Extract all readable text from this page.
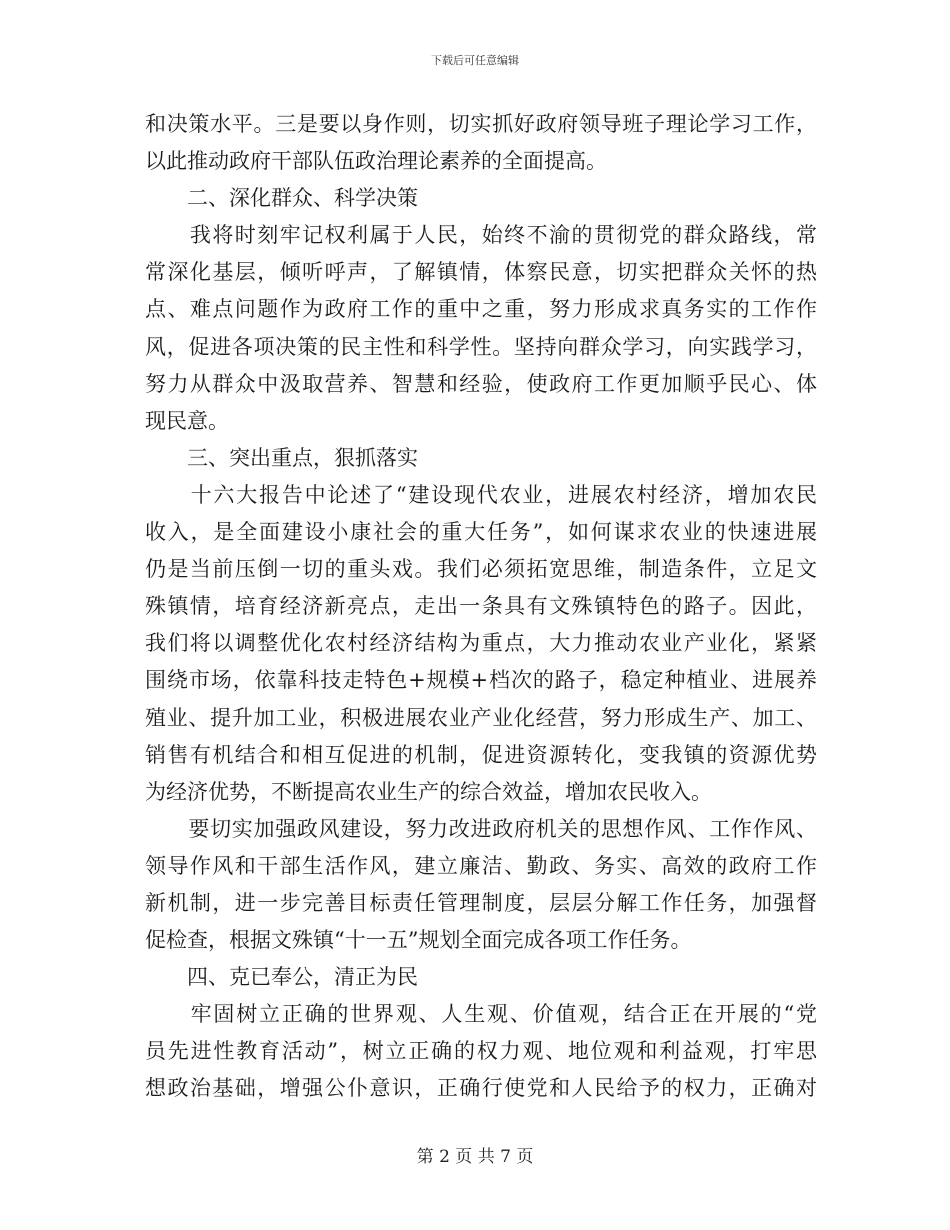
下载后可任意编辑
和决策水平。三是要以身作则，切实抓好政府领导班子理论学习工作，
以此推动政府干部队伍政治理论素养的全面提高。
　　二、深化群众、科学决策
　　我将时刻牢记权利属于人民，始终不渝的贯彻党的群众路线，常
常深化基层，倾听呼声，了解镇情，体察民意，切实把群众关怀的热
点、难点问题作为政府工作的重中之重，努力形成求真务实的工作作
风，促进各项决策的民主性和科学性。坚持向群众学习，向实践学习，
努力从群众中汲取营养、智慧和经验，使政府工作更加顺乎民心、体
现民意。
　　三、突出重点，狠抓落实
　　十六大报告中论述了“建设现代农业，进展农村经济，增加农民
收入，是全面建设小康社会的重大任务”，如何谋求农业的快速进展
仍是当前压倒一切的重头戏。我们必须拓宽思维，制造条件，立足文
殊镇情，培育经济新亮点，走出一条具有文殊镇特色的路子。因此，
我们将以调整优化农村经济结构为重点，大力推动农业产业化，紧紧
围绕市场，依靠科技走特色+规模+档次的路子，稳定种植业、进展养
殖业、提升加工业，积极进展农业产业化经营，努力形成生产、加工、
销售有机结合和相互促进的机制，促进资源转化，变我镇的资源优势
为经济优势，不断提高农业生产的综合效益，增加农民收入。
　　要切实加强政风建设，努力改进政府机关的思想作风、工作作风、
领导作风和干部生活作风，建立廉洁、勤政、务实、高效的政府工作
新机制，进一步完善目标责任管理制度，层层分解工作任务，加强督
促检查，根据文殊镇“十一五”规划全面完成各项工作任务。
　　四、克已奉公，清正为民
　　牢固树立正确的世界观、人生观、价值观，结合正在开展的“党
员先进性教育活动”，树立正确的权力观、地位观和利益观，打牢思
想政治基础，增强公仆意识，正确行使党和人民给予的权力，正确对
第 2 页 共 7 页
